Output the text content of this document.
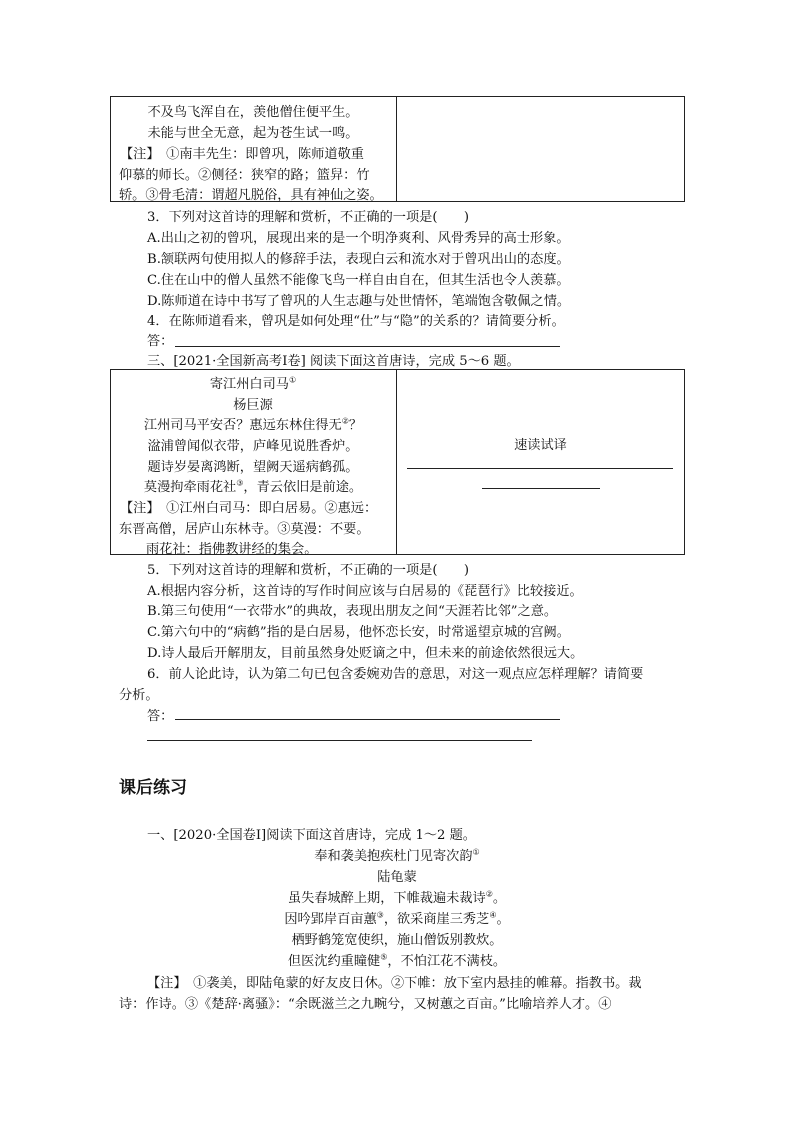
不及鸟飞浑自在，羡他僧住便平生。
未能与世全无意，起为苍生试一鸣。
【注】　①南丰先生：即曾巩，陈师道敬重
仰慕的师长。②侧径：狭窄的路；篮舁：竹
轿。③骨毛清：谓超凡脱俗，具有神仙之姿。
3．下列对这首诗的理解和赏析，不正确的一项是(　　)
A.出山之初的曾巩，展现出来的是一个明净爽利、风骨秀异的高士形象。
B.颔联两句使用拟人的修辞手法，表现白云和流水对于曾巩出山的态度。
C.住在山中的僧人虽然不能像飞鸟一样自由自在，但其生活也令人羡慕。
D.陈师道在诗中书写了曾巩的人生志趣与处世情怀，笔端饱含敬佩之情。
4．在陈师道看来，曾巩是如何处理“仕”与“隐”的关系的？请简要分析。
答：
三、[2021·全国新高考Ⅰ卷] 阅读下面这首唐诗，完成 5～6 题。
寄江州白司马①
杨巨源
江州司马平安否？惠远东林住得无②？
湓浦曾闻似衣带，庐峰见说胜香炉。
题诗岁晏离鸿断，望阙天遥病鹤孤。
莫漫拘牵雨花社③，青云依旧是前途。
【注】　①江州白司马：即白居易。②惠远：
东晋高僧，居庐山东林寺。③莫漫：不要。
雨花社：指佛教讲经的集会。
速读试译
5．下列对这首诗的理解和赏析，不正确的一项是(　　)
A.根据内容分析，这首诗的写作时间应该与白居易的《琵琶行》比较接近。
B.第三句使用“一衣带水”的典故，表现出朋友之间“天涯若比邻”之意。
C.第六句中的“病鹤”指的是白居易，他怀恋长安，时常遥望京城的宫阙。
D.诗人最后开解朋友，目前虽然身处贬谪之中，但未来的前途依然很远大。
6．前人论此诗，认为第二句已包含委婉劝告的意思，对这一观点应怎样理解？请简要
分析。
答：
课后练习
一、[2020·全国卷Ⅰ]阅读下面这首唐诗，完成 1～2 题。
奉和袭美抱疾杜门见寄次韵①
陆龟蒙
虽失春城醉上期，下帷裁遍未裁诗②。
因吟郢岸百亩蕙③，欲采商崖三秀芝④。
栖野鹤笼宽使织，施山僧饭别教炊。
但医沈约重瞳健⑤，不怕江花不满枝。
【注】　①袭美，即陆龟蒙的好友皮日休。②下帷：放下室内悬挂的帷幕。指教书。裁
诗：作诗。③《楚辞·离骚》：“余既滋兰之九畹兮，又树蕙之百亩。”比喻培养人才。④
